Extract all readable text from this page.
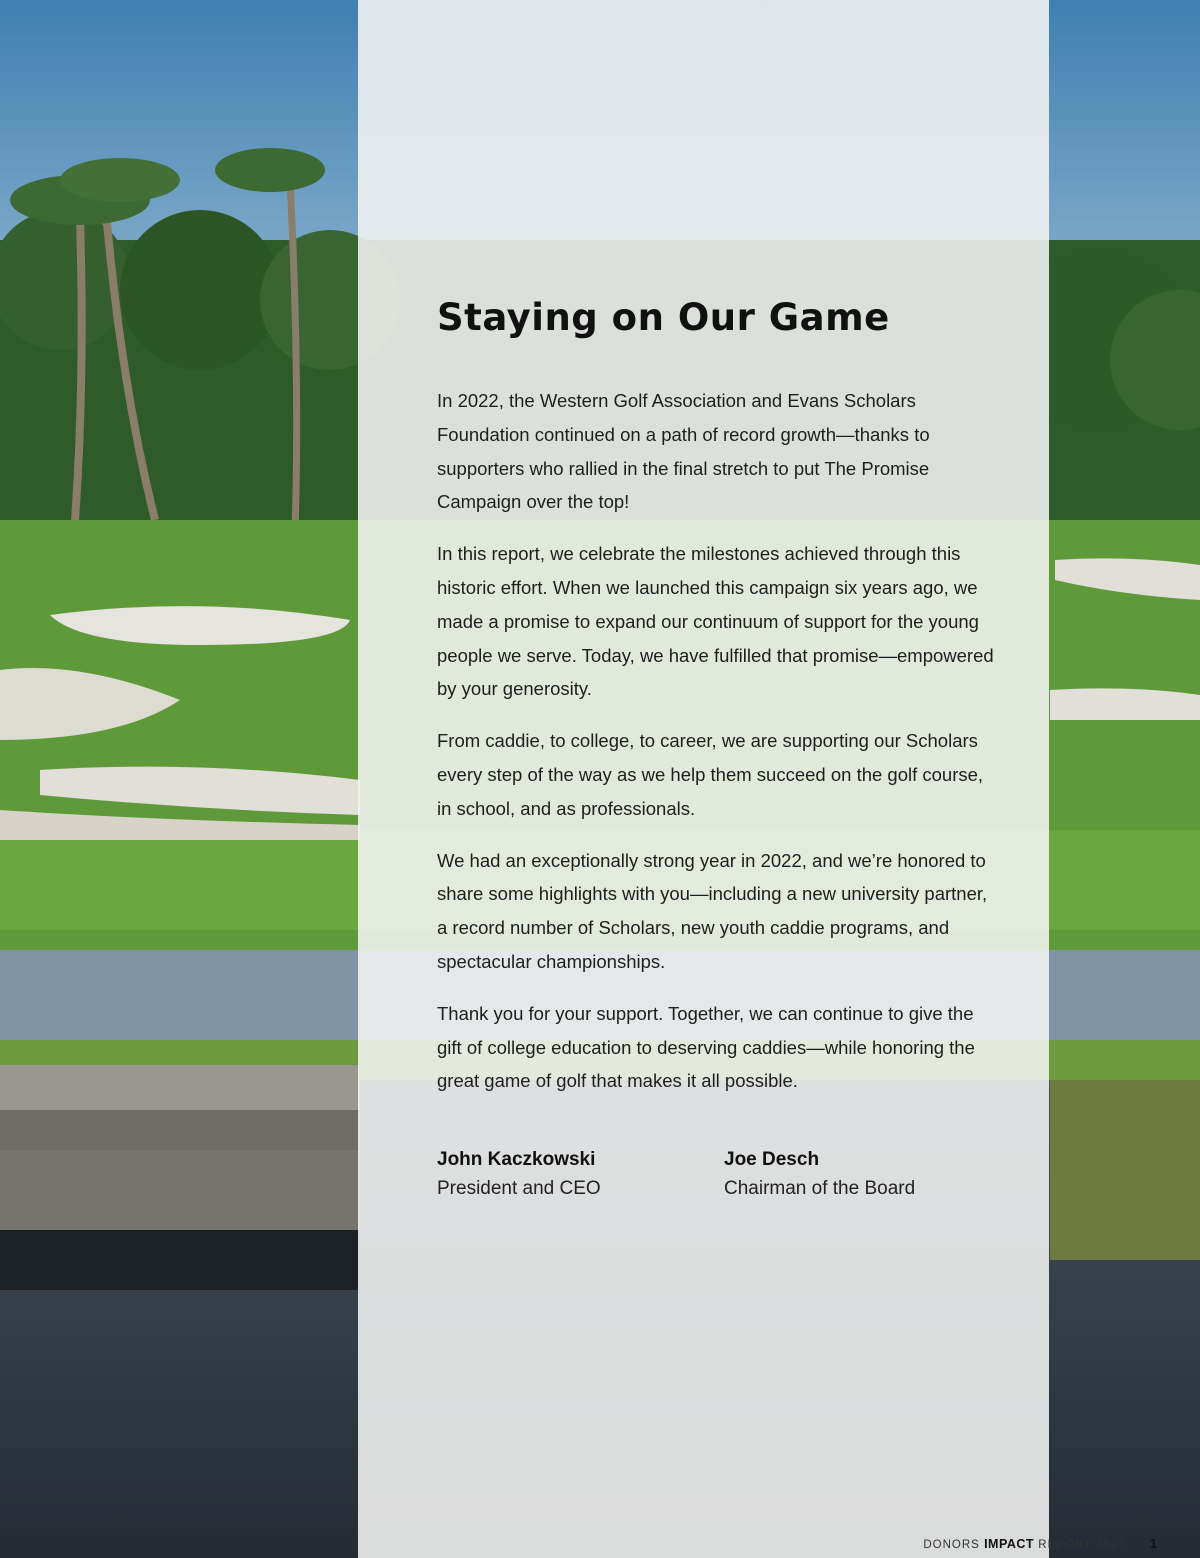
Staying on Our Game

In 2022, the Western Golf Association and Evans Scholars Foundation continued on a path of record growth—thanks to supporters who rallied in the final stretch to put The Promise Campaign over the top!

In this report, we celebrate the milestones achieved through this historic effort. When we launched this campaign six years ago, we made a promise to expand our continuum of support for the young people we serve. Today, we have fulfilled that promise—empowered by your generosity.

From caddie, to college, to career, we are supporting our Scholars every step of the way as we help them succeed on the golf course, in school, and as professionals.

We had an exceptionally strong year in 2022, and we’re honored to share some highlights with you—including a new university partner, a record number of Scholars, new youth caddie programs, and spectacular championships.

Thank you for your support. Together, we can continue to give the gift of college education to deserving caddies—while honoring the great game of golf that makes it all possible.

John Kaczkowski
President and CEO
Joe Desch
Chairman of the Board
DONORS IMPACT REPORT 2023 1
